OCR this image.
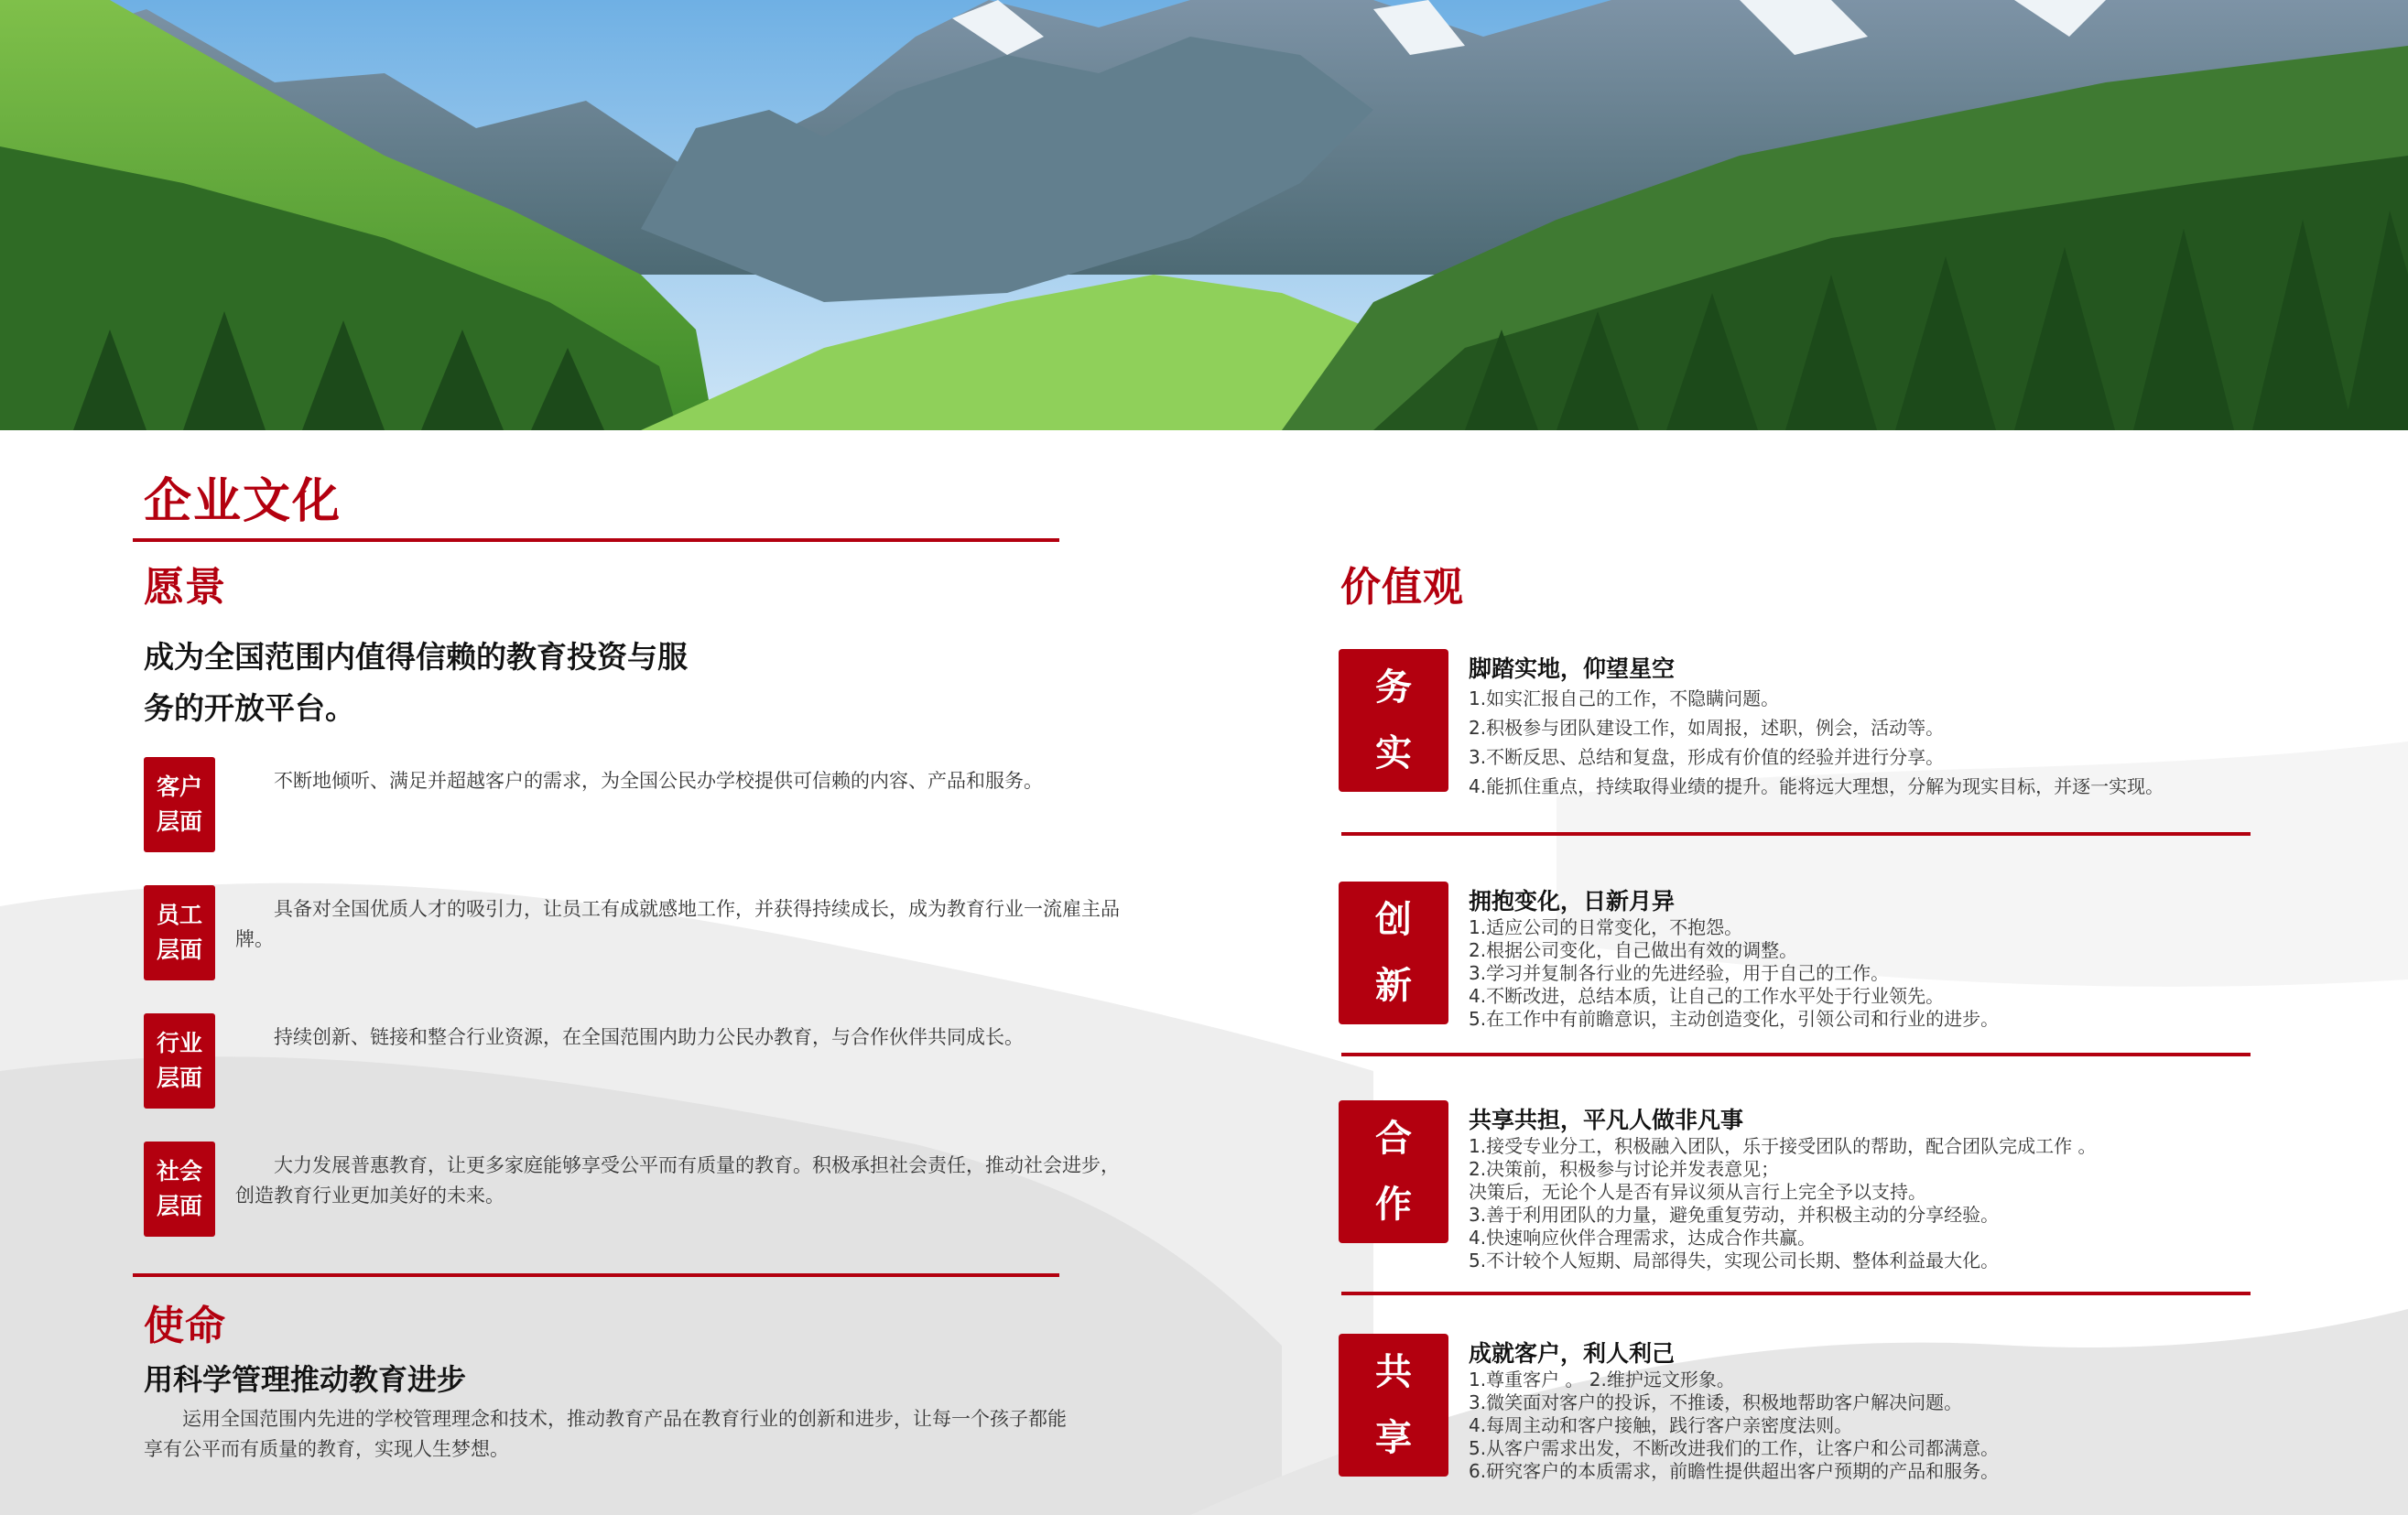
企业文化
愿景
成为全国范围内值得信赖的教育投资与服
务的开放平台。
客户
层面

不断地倾听、满足并超越客户的需求，为全国公民办学校提供可信赖的内容、产品和服务。

员工
层面

具备对全国优质人才的吸引力，让员工有成就感地工作，并获得持续成长，成为教育行业一流雇主品牌。

行业
层面

持续创新、链接和整合行业资源，在全国范围内助力公民办教育，与合作伙伴共同成长。

社会
层面

大力发展普惠教育，让更多家庭能够享受公平而有质量的教育。积极承担社会责任，推动社会进步，创造教育行业更加美好的未来。

使命

用科学管理推动教育进步

运用全国范围内先进的学校管理理念和技术，推动教育产品在教育行业的创新和进步，让每一个孩子都能享有公平而有质量的教育，实现人生梦想。

价值观
务
实

脚踏实地，仰望星空

1.如实汇报自己的工作，不隐瞒问题。
2.积极参与团队建设工作，如周报，述职，例会，活动等。
3.不断反思、总结和复盘，形成有价值的经验并进行分享。
4.能抓住重点，持续取得业绩的提升。能将远大理想，分解为现实目标，并逐一实现。
创
新

拥抱变化，日新月异

1.适应公司的日常变化，不抱怨。
2.根据公司变化，自己做出有效的调整。
3.学习并复制各行业的先进经验，用于自己的工作。
4.不断改进，总结本质，让自己的工作水平处于行业领先。
5.在工作中有前瞻意识，主动创造变化，引领公司和行业的进步。
合
作

共享共担，平凡人做非凡事

1.接受专业分工，积极融入团队，乐于接受团队的帮助，配合团队完成工作 。
2.决策前，积极参与讨论并发表意见；
决策后，无论个人是否有异议须从言行上完全予以支持。
3.善于利用团队的力量，避免重复劳动，并积极主动的分享经验。
4.快速响应伙伴合理需求，达成合作共赢。
5.不计较个人短期、局部得失，实现公司长期、整体利益最大化。
共
享

成就客户，利人利己

1.尊重客户 。 2.维护远文形象。
3.微笑面对客户的投诉，不推诿，积极地帮助客户解决问题。
4.每周主动和客户接触，践行客户亲密度法则。
5.从客户需求出发，不断改进我们的工作，让客户和公司都满意。
6.研究客户的本质需求，前瞻性提供超出客户预期的产品和服务。
